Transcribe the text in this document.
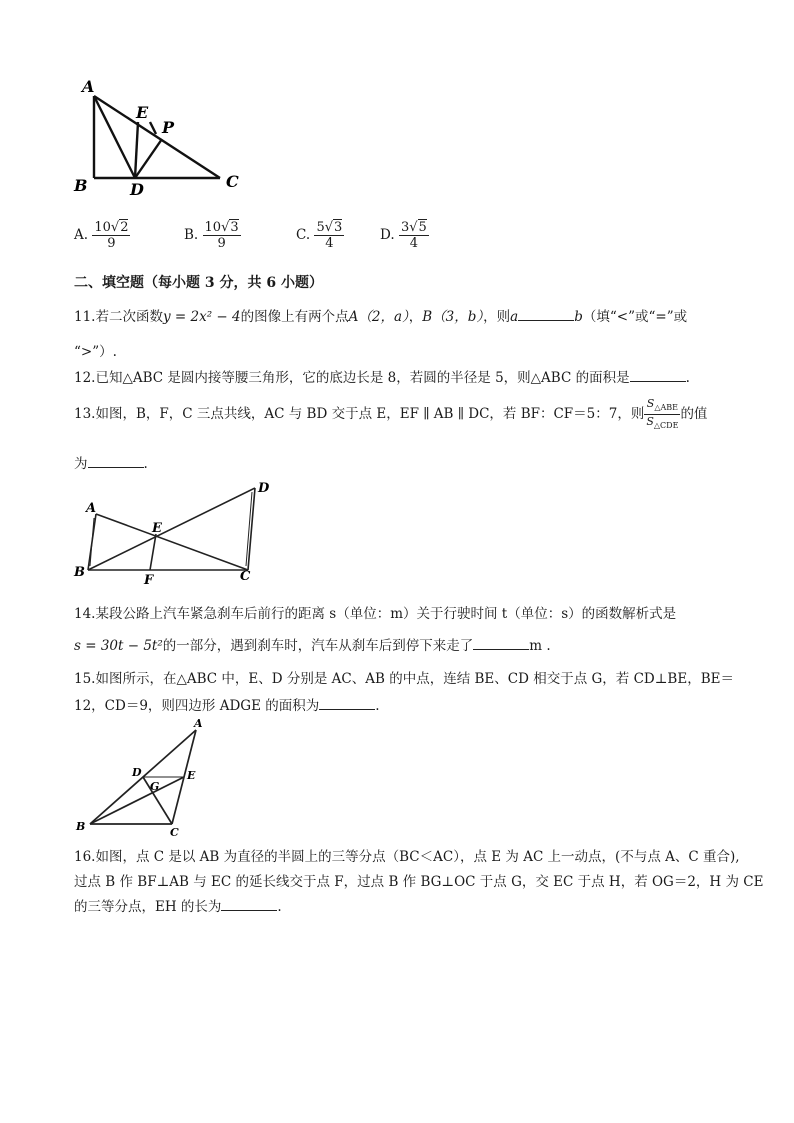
A
E
P
B	D	C
A. $\frac{10√2}{9}$	B. $\frac{10√3}{9}$	C. $\frac{5√3}{4}$	D. $\frac{3√5}{4}$
二、填空题（每小题 3 分，共 6 小题）
11.若二次函数y = 2x² − 4的图像上有两个点A（2，a），B（3，b），则a	b（填“<”或“=”或
“>”）.
12.已知△ABC 是圆内接等腰三角形，它的底边长是 8，若圆的半径是 5，则△ABC 的面积是	.
13.如图，B，F，C 三点共线，AC 与 BD 交于点 E，EF ∥ AB ∥ DC，若 BF：CF＝5：7，则 $\frac{S_{\triangle ABE}}{S_{\triangle CDE}}$ 的值
为	.
A
E
D
B
F	C
14.某段公路上汽车紧急刹车后前行的距离 s（单位：m）关于行驶时间 t（单位：s）的函数解析式是
s = 30t − 5t²的一部分，遇到刹车时，汽车从刹车后到停下来走了	m .
15.如图所示，在△ABC 中，E、D 分别是 AC、AB 的中点，连结 BE、CD 相交于点 G，若 CD⊥BE，BE＝
12，CD＝9，则四边形 ADGE 的面积为	.
A
D	E
G
B	C
16.如图，点 C 是以 AB 为直径的半圆上的三等分点（BC＜AC），点 E 为 AC 上一动点，(不与点 A、C 重合),
过点 B 作 BF⊥AB 与 EC 的延长线交于点 F，过点 B 作 BG⊥OC 于点 G，交 EC 于点 H，若 OG＝2，H 为 CE
的三等分点，EH 的长为	.
